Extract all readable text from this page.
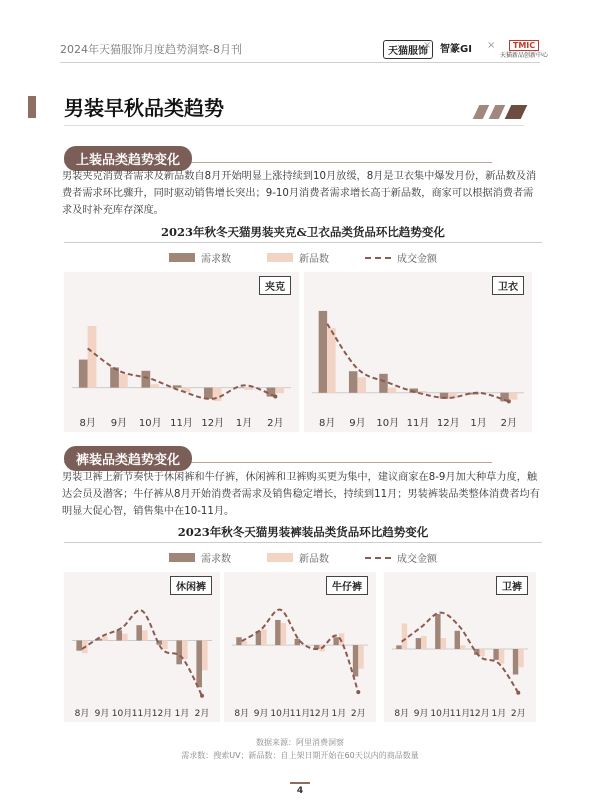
2024年天猫服饰月度趋势洞察-8月刊	天猫服饰
× 智篆GI ×	TMIC
天猫新品创新中心
男装早秋品类趋势
上装品类趋势变化
男装夹克消费者需求及新品数自8月开始明显上涨持续到10月放缓，8月是卫衣集中爆发月份，新品数及消费者需求环比骤升，同时驱动销售增长突出；9-10月消费者需求增长高于新品数，商家可以根据消费者需求及时补充库存深度。
2023年秋冬天猫男装夹克&卫衣品类货品环比趋势变化
需求数	新品数	成交金额
8月 9月 10月 11月 12月 1月 2月
夹克
8月 9月 10月 11月 12月 1月 2月
卫衣
裤装品类趋势变化
男装卫裤上新节奏快于休闲裤和牛仔裤，休闲裤和卫裤购买更为集中，建议商家在8-9月加大种草力度，触达会员及潜客；牛仔裤从8月开始消费者需求及销售稳定增长，持续到11月；男装裤装品类整体消费者均有明显大促心智，销售集中在10-11月。
2023年秋冬天猫男装裤装品类货品环比趋势变化
需求数	新品数	成交金额
8月 9月 10月 11月 12月 1月 2月
休闲裤
8月 9月 10月
11月
12月 1月 2月
牛仔裤
8月 9月 10月
11月
12月 1月 2月
卫裤
数据来源：阿里消费洞察
需求数：搜索UV；新品数：自上架日期开始在60天以内的商品数量
4
